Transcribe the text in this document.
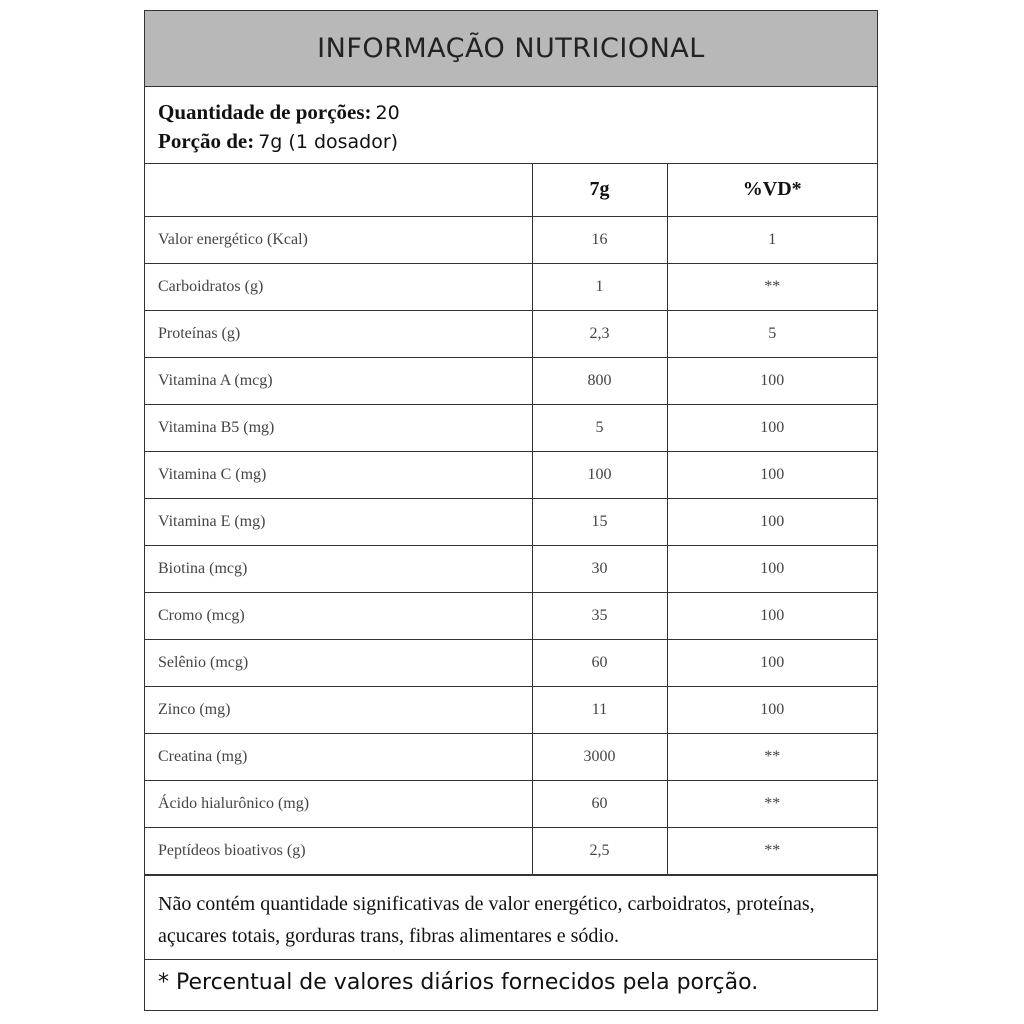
INFORMAÇÃO NUTRICIONAL
Quantidade de porções: 20
Porção de: 7g (1 dosador)
	7g	%VD*
Valor energético (Kcal)	16	1
Carboidratos (g)	1	**
Proteínas (g)	2,3	5
Vitamina A (mcg)	800	100
Vitamina B5 (mg)	5	100
Vitamina C (mg)	100	100
Vitamina E (mg)	15	100
Biotina (mcg)	30	100
Cromo (mcg)	35	100
Selênio (mcg)	60	100
Zinco (mg)	11	100
Creatina (mg)	3000	**
Ácido hialurônico (mg)	60	**
Peptídeos bioativos (g)	2,5	**
Não contém quantidade significativas de valor energético, carboidratos, proteínas, açucares totais, gorduras trans, fibras alimentares e sódio.
* Percentual de valores diários fornecidos pela porção.
